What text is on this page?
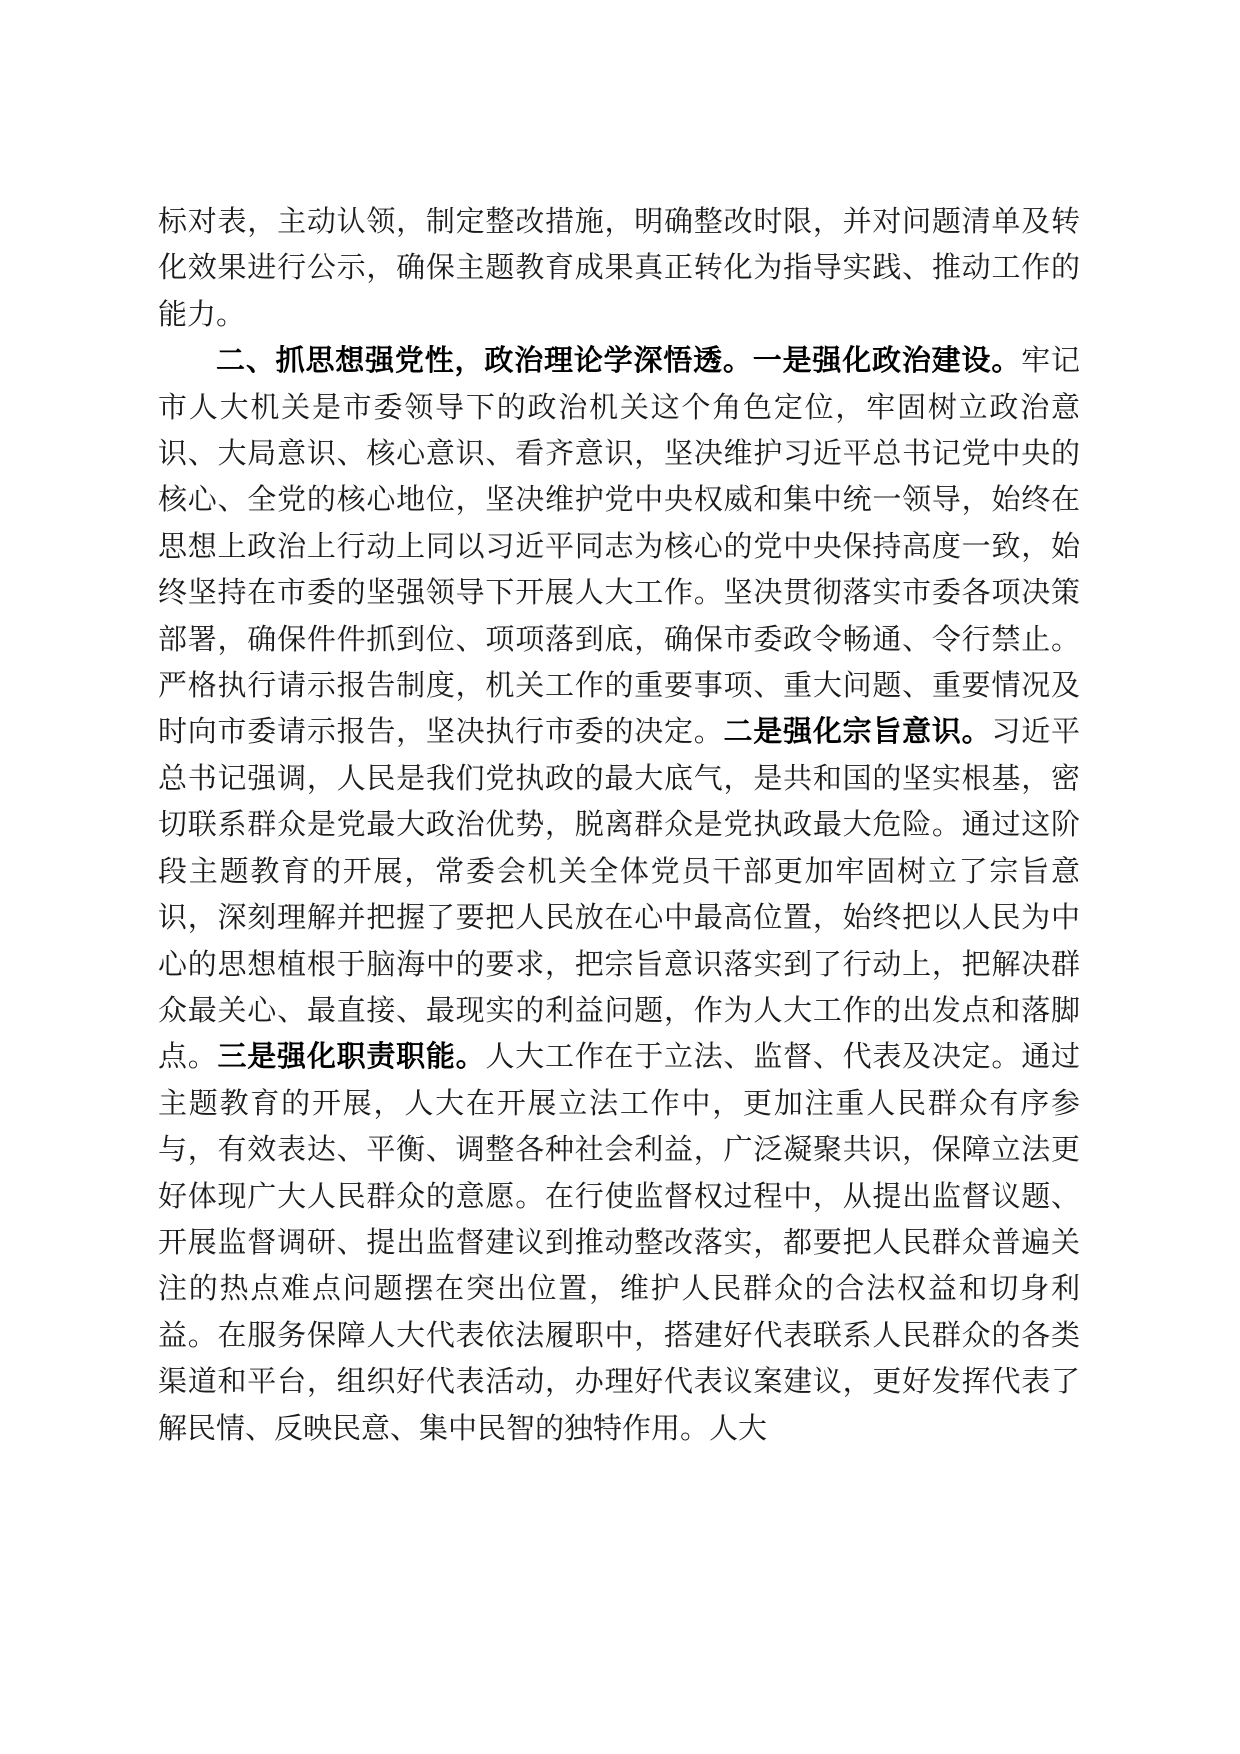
标对表，主动认领，制定整改措施，明确整改时限，并对问题清单及转化效果进行公示，确保主题教育成果真正转化为指导实践、推动工作的能力。

二、抓思想强党性，政治理论学深悟透。一是强化政治建设。牢记市人大机关是市委领导下的政治机关这个角色定位，牢固树立政治意识、大局意识、核心意识、看齐意识，坚决维护习近平总书记党中央的核心、全党的核心地位，坚决维护党中央权威和集中统一领导，始终在思想上政治上行动上同以习近平同志为核心的党中央保持高度一致，始终坚持在市委的坚强领导下开展人大工作。坚决贯彻落实市委各项决策部署，确保件件抓到位、项项落到底，确保市委政令畅通、令行禁止。严格执行请示报告制度，机关工作的重要事项、重大问题、重要情况及时向市委请示报告，坚决执行市委的决定。二是强化宗旨意识。习近平总书记强调，人民是我们党执政的最大底气，是共和国的坚实根基，密切联系群众是党最大政治优势，脱离群众是党执政最大危险。通过这阶段主题教育的开展，常委会机关全体党员干部更加牢固树立了宗旨意识，深刻理解并把握了要把人民放在心中最高位置，始终把以人民为中心的思想植根于脑海中的要求，把宗旨意识落实到了行动上，把解决群众最关心、最直接、最现实的利益问题，作为人大工作的出发点和落脚点。三是强化职责职能。人大工作在于立法、监督、代表及决定。通过主题教育的开展，人大在开展立法工作中，更加注重人民群众有序参与，有效表达、平衡、调整各种社会利益，广泛凝聚共识，保障立法更好体现广大人民群众的意愿。在行使监督权过程中，从提出监督议题、开展监督调研、提出监督建议到推动整改落实，都要把人民群众普遍关注的热点难点问题摆在突出位置，维护人民群众的合法权益和切身利益。在服务保障人大代表依法履职中，搭建好代表联系人民群众的各类渠道和平台，组织好代表活动，办理好代表议案建议，更好发挥代表了解民情、反映民意、集中民智的独特作用。人大
